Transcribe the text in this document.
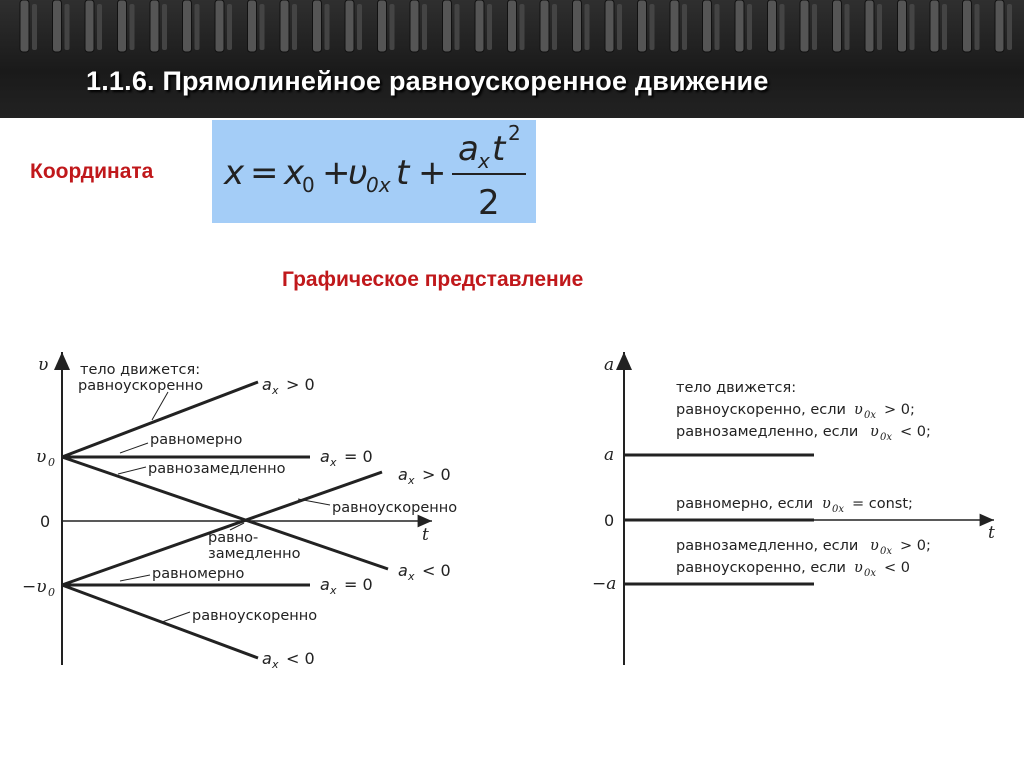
1.1.6. Прямолинейное равноускоренное движение
Координата x = x
0 +
υ
0x t +
a x t 2
2
Графическое представление
υ
t
υ 0
0
−υ 0
тело движется:
равноускоренно
равномерно
равнозамедленно
равноускоренно
равно-
замедленно
равномерно
равноускоренно
a x > 0
a x = 0
a x > 0
a x < 0
a x = 0
a x < 0
a
t
a
0
−a
тело движется:
равноускоренно, если υ 0x > 0;
равнозамедленно, если υ 0x < 0;
равномерно, если υ 0x = const;
равнозамедленно, если υ 0x > 0;
равноускоренно, если υ 0x < 0
